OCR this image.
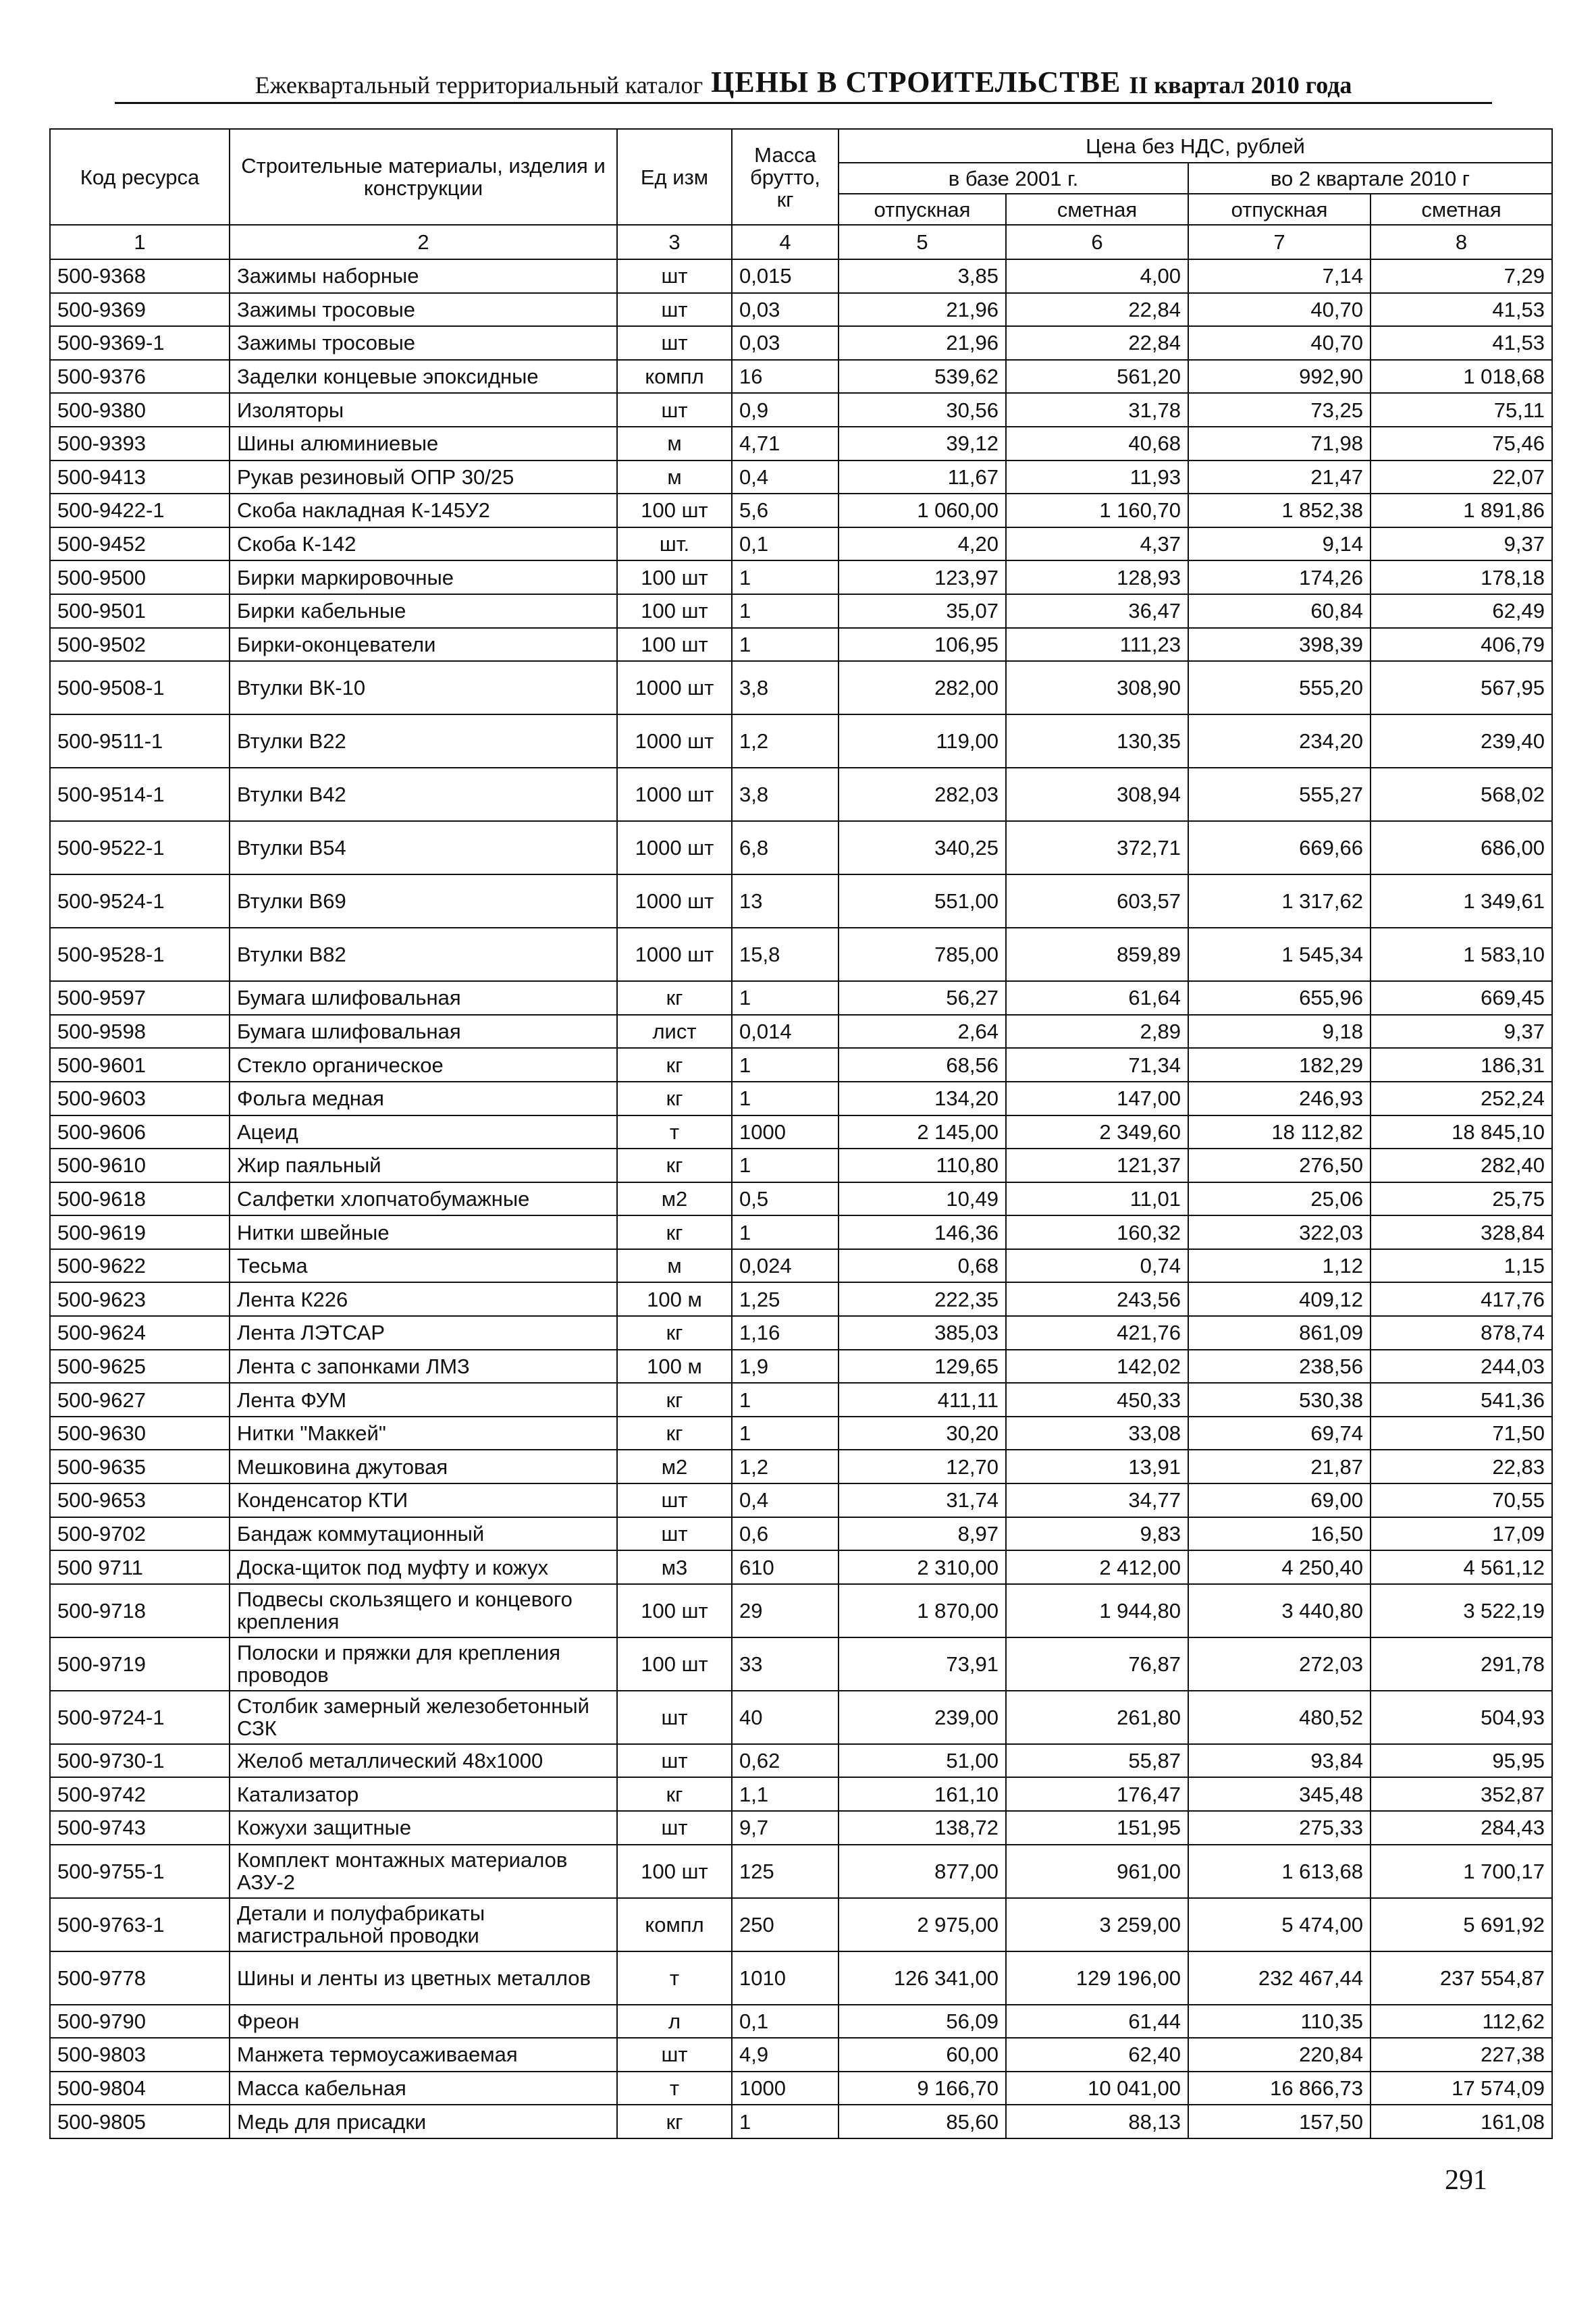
Ежеквартальный территориальный каталог ЦЕНЫ В СТРОИТЕЛЬСТВЕ II квартал 2010 года
Код ресурса	Строительные материалы, изделия и конструкции	Ед изм	Масса брутто, кг	Цена без НДС, рублей			
				в базе 2001 г.		во 2 квартале 2010 г	
				отпускная	сметная	отпускная	сметная
1	2	3	4	5	6	7	8
500-9368	Зажимы наборные	шт	0,015	3,85	4,00	7,14	7,29
500-9369	Зажимы тросовые	шт	0,03	21,96	22,84	40,70	41,53
500-9369-1	Зажимы тросовые	шт	0,03	21,96	22,84	40,70	41,53
500-9376	Заделки концевые эпоксидные	компл	16	539,62	561,20	992,90	1 018,68
500-9380	Изоляторы	шт	0,9	30,56	31,78	73,25	75,11
500-9393	Шины алюминиевые	м	4,71	39,12	40,68	71,98	75,46
500-9413	Рукав резиновый ОПР 30/25	м	0,4	11,67	11,93	21,47	22,07
500-9422-1	Скоба накладная К-145У2	100 шт	5,6	1 060,00	1 160,70	1 852,38	1 891,86
500-9452	Скоба К-142	шт.	0,1	4,20	4,37	9,14	9,37
500-9500	Бирки маркировочные	100 шт	1	123,97	128,93	174,26	178,18
500-9501	Бирки кабельные	100 шт	1	35,07	36,47	60,84	62,49
500-9502	Бирки-оконцеватели	100 шт	1	106,95	111,23	398,39	406,79
500-9508-1	Втулки ВК-10	1000 шт	3,8	282,00	308,90	555,20	567,95
500-9511-1	Втулки В22	1000 шт	1,2	119,00	130,35	234,20	239,40
500-9514-1	Втулки В42	1000 шт	3,8	282,03	308,94	555,27	568,02
500-9522-1	Втулки В54	1000 шт	6,8	340,25	372,71	669,66	686,00
500-9524-1	Втулки В69	1000 шт	13	551,00	603,57	1 317,62	1 349,61
500-9528-1	Втулки В82	1000 шт	15,8	785,00	859,89	1 545,34	1 583,10
500-9597	Бумага шлифовальная	кг	1	56,27	61,64	655,96	669,45
500-9598	Бумага шлифовальная	лист	0,014	2,64	2,89	9,18	9,37
500-9601	Стекло органическое	кг	1	68,56	71,34	182,29	186,31
500-9603	Фольга медная	кг	1	134,20	147,00	246,93	252,24
500-9606	Ацеид	т	1000	2 145,00	2 349,60	18 112,82	18 845,10
500-9610	Жир паяльный	кг	1	110,80	121,37	276,50	282,40
500-9618	Салфетки хлопчатобумажные	м2	0,5	10,49	11,01	25,06	25,75
500-9619	Нитки швейные	кг	1	146,36	160,32	322,03	328,84
500-9622	Тесьма	м	0,024	0,68	0,74	1,12	1,15
500-9623	Лента К226	100 м	1,25	222,35	243,56	409,12	417,76
500-9624	Лента ЛЭТСАР	кг	1,16	385,03	421,76	861,09	878,74
500-9625	Лента с запонками ЛМЗ	100 м	1,9	129,65	142,02	238,56	244,03
500-9627	Лента ФУМ	кг	1	411,11	450,33	530,38	541,36
500-9630	Нитки "Маккей"	кг	1	30,20	33,08	69,74	71,50
500-9635	Мешковина джутовая	м2	1,2	12,70	13,91	21,87	22,83
500-9653	Конденсатор КТИ	шт	0,4	31,74	34,77	69,00	70,55
500-9702	Бандаж коммутационный	шт	0,6	8,97	9,83	16,50	17,09
500 9711	Доска-щиток под муфту и кожух	м3	610	2 310,00	2 412,00	4 250,40	4 561,12
500-9718	Подвесы скользящего и концевого крепления	100 шт	29	1 870,00	1 944,80	3 440,80	3 522,19
500-9719	Полоски и пряжки для крепления проводов	100 шт	33	73,91	76,87	272,03	291,78
500-9724-1	Столбик замерный железобетонный СЗК	шт	40	239,00	261,80	480,52	504,93
500-9730-1	Желоб металлический 48х1000	шт	0,62	51,00	55,87	93,84	95,95
500-9742	Катализатор	кг	1,1	161,10	176,47	345,48	352,87
500-9743	Кожухи защитные	шт	9,7	138,72	151,95	275,33	284,43
500-9755-1	Комплект монтажных материалов АЗУ-2	100 шт	125	877,00	961,00	1 613,68	1 700,17
500-9763-1	Детали и полуфабрикаты магистральной проводки	компл	250	2 975,00	3 259,00	5 474,00	5 691,92
500-9778	Шины и ленты из цветных металлов	т	1010	126 341,00	129 196,00	232 467,44	237 554,87
500-9790	Фреон	л	0,1	56,09	61,44	110,35	112,62
500-9803	Манжета термоусаживаемая	шт	4,9	60,00	62,40	220,84	227,38
500-9804	Масса кабельная	т	1000	9 166,70	10 041,00	16 866,73	17 574,09
500-9805	Медь для присадки	кг	1	85,60	88,13	157,50	161,08
291
